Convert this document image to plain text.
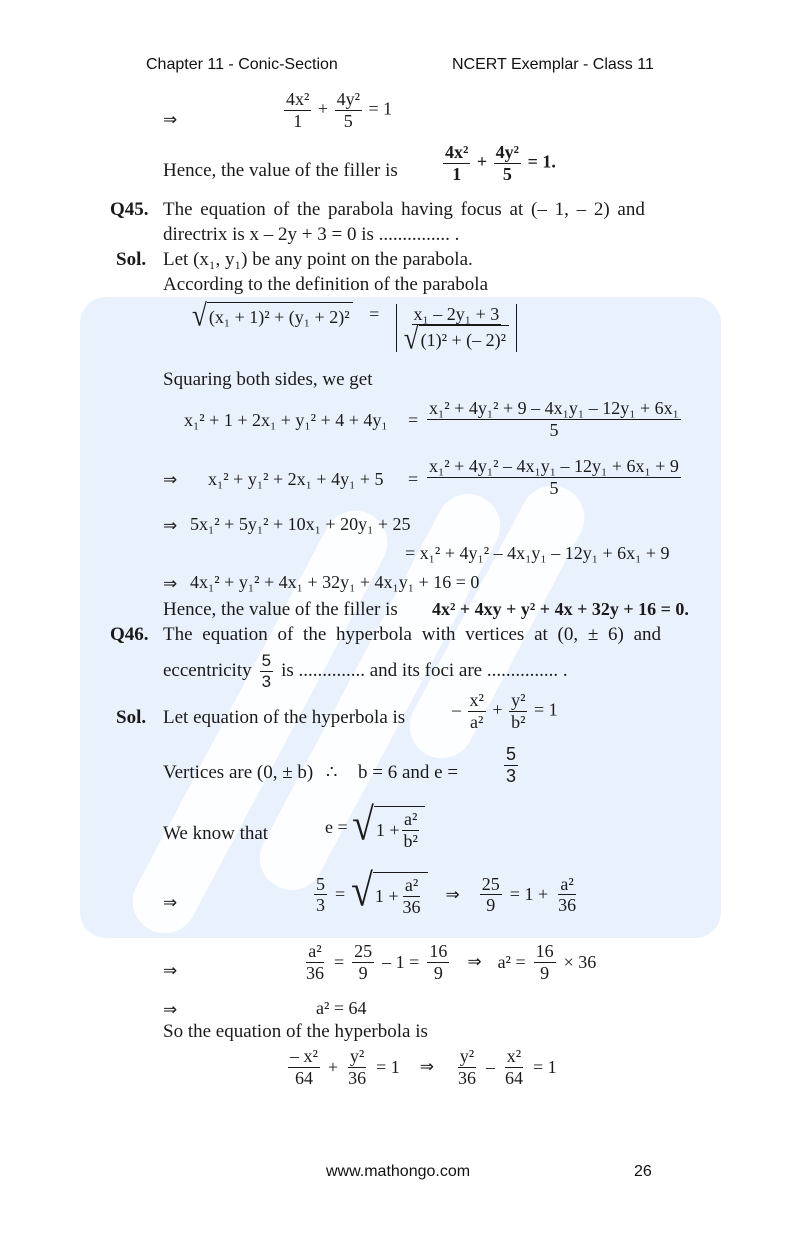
Chapter 11 - Conic-Section	NCERT Exemplar - Class 11
⇒	$\frac{\text{4x²}}{1} + \frac{\text{4y²}}{5} = 1$
Hence, the value of the filler is	$\frac{\text{4x²}}{1} + \frac{\text{4y²}}{5} = 1$.
Q45. The equation of the parabola having focus at (– 1, – 2) and
directrix is x – 2y + 3 = 0 is ............... .
Sol. Let (x₁, y₁) be any point on the parabola.
According to the definition of the parabola
√ $(x_1 + 1)^2 + (y_1 + 2)^2 = \frac{\text{x₁ – 2y₁ + 3}}{\text{√ (1)² + (– 2)²}}$
Squaring both sides, we get
$x_1^2 + 1 + 2x_1 + y_1^2 + 4 + 4y_1 = \frac{\text{x₁² + 4y₁² + 9 – 4x₁y₁ – 12y₁ + 6x₁}}{5}$
⇒ $x_1^2 + y_1^2 + 2x_1 + 4y_1 + 5 = \frac{\text{x₁² + 4y₁² – 4x₁y₁ – 12y₁ + 6x₁ + 9}}{5}$
⇒ 5x₁² + 5y₁² + 10x₁ + 20y₁ + 25
= x₁² + 4y₁² – 4x₁y₁ – 12y₁ + 6x₁ + 9
⇒ 4x₁² + y₁² + 4x₁ + 32y₁ + 4x₁y₁ + 16 = 0
Hence, the value of the filler is 4x² + 4xy + y² + 4x + 32y + 16 = 0.
Q46. The equation of the hyperbola with vertices at (0, ± 6) and
eccentricity $\frac{5}{3}$ is .............. and its foci are ............... .
Sol. Let equation of the hyperbola is	– $\frac{\text{x²}}{\text{a²}} + \frac{\text{y²}}{\text{b²}} = 1$
Vertices are (0, ± b) ∴ b = 6 and e =	$\frac{5}{3}$
We know that	e = √ $1 + \frac{\text{a²}}{\text{b²}}$
⇒	$\frac{5}{3}$ = √ $1 + \frac{\text{a²}}{36}$ ⇒ $\frac{25}{9} = 1 + \frac{\text{a²}}{36}$
⇒	$\frac{\text{a²}}{36} = \frac{25}{9} - 1 = \frac{16}{9}$ ⇒ $a^2 = \frac{16}{9} \times 36$
⇒	a² = 64
So the equation of the hyperbola is
$\frac{\text{– x²}}{64} + \frac{\text{y²}}{36} = 1$ ⇒ $\frac{\text{y²}}{36} - \frac{\text{x²}}{64} = 1$
www.mathongo.com	26
